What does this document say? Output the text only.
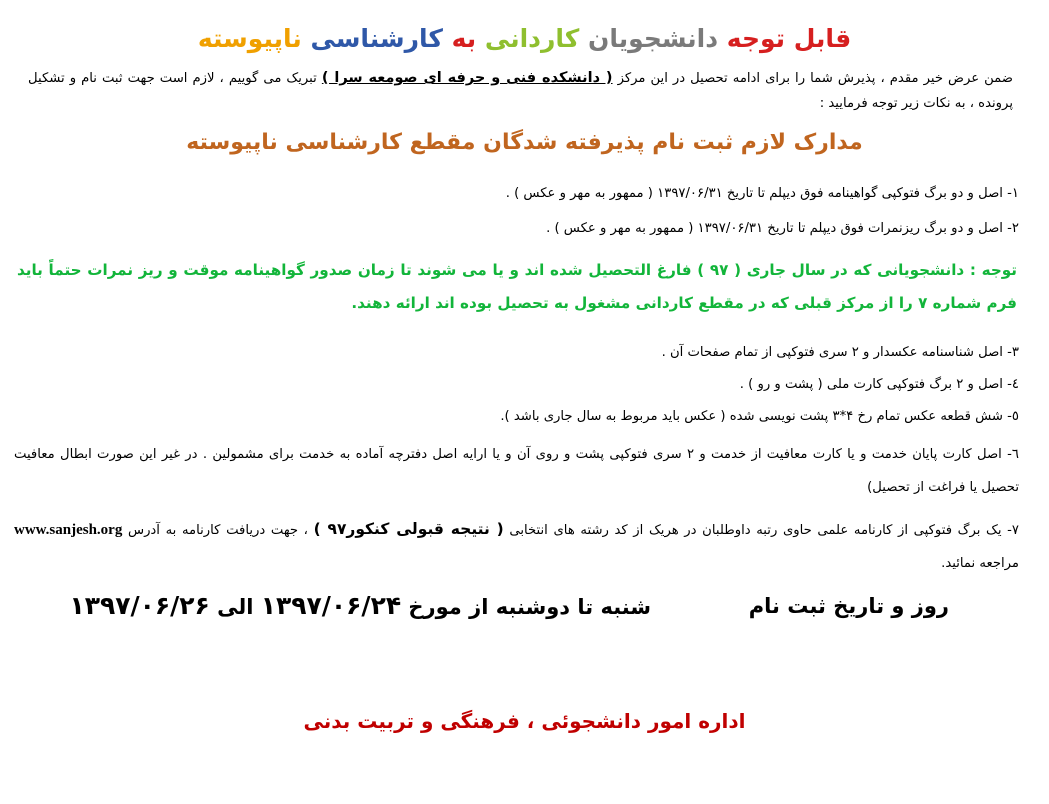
قابل توجه دانشجویان کاردانی به کارشناسی ناپیوسته
ضمن عرض خیر مقدم ، پذیرش شما را برای ادامه تحصیل در این مرکز ( دانشکده فنی و حرفه ای صومعه سرا ) تبریک می گوییم ، لازم است جهت ثبت نام و تشکیل پرونده ، به نکات زیر توجه فرمایید :
مدارک لازم ثبت نام پذیرفته شدگان مقطع کارشناسی ناپیوسته
۱- اصل و دو برگ فتوکپی گواهینامه فوق دیپلم تا تاریخ ۱۳۹۷/۰۶/۳۱ ( ممهور به مهر و عکس ) .
۲- اصل و دو برگ ریزنمرات فوق دیپلم تا تاریخ ۱۳۹۷/۰۶/۳۱ ( ممهور به مهر و عکس ) .
توجه : دانشجویانی که در سال جاری ( ۹۷ ) فارغ التحصیل شده اند و یا می شوند تا زمان صدور گواهینامه موقت و ریز نمرات حتماً باید فرم شماره ۷ را از مرکز قبلی که در مقطع کاردانی مشغول به تحصیل بوده اند ارائه دهند.
۳- اصل شناسنامه عکسدار و ۲ سری فتوکپی از تمام صفحات آن .
٤- اصل و ۲ برگ فتوکپی کارت ملی ( پشت و رو ) .
٥- شش قطعه عکس تمام رخ ۴*۳ پشت نویسی شده ( عکس باید مربوط به سال جاری باشد ).
٦- اصل کارت پایان خدمت و یا کارت معافیت از خدمت و ۲ سری فتوکپی پشت و روی آن و یا ارایه اصل دفترچه آماده به خدمت برای مشمولین . در غیر این صورت ابطال معافیت تحصیل یا فراغت از تحصیل)
۷- یک برگ فتوکپی از کارنامه علمی حاوی رتبه داوطلبان در هریک از کد رشته های انتخابی ( نتیجه قبولی کنکور۹۷ ) ، جهت دریافت کارنامه به آدرس www.sanjesh.org مراجعه نمائید.
روز و تاریخ ثبت نام
شنبه تا دوشنبه از مورخ ۱۳۹۷/۰۶/۲۴ الی ۱۳۹۷/۰۶/۲۶
اداره امور دانشجوئی ، فرهنگی و تربیت بدنی
